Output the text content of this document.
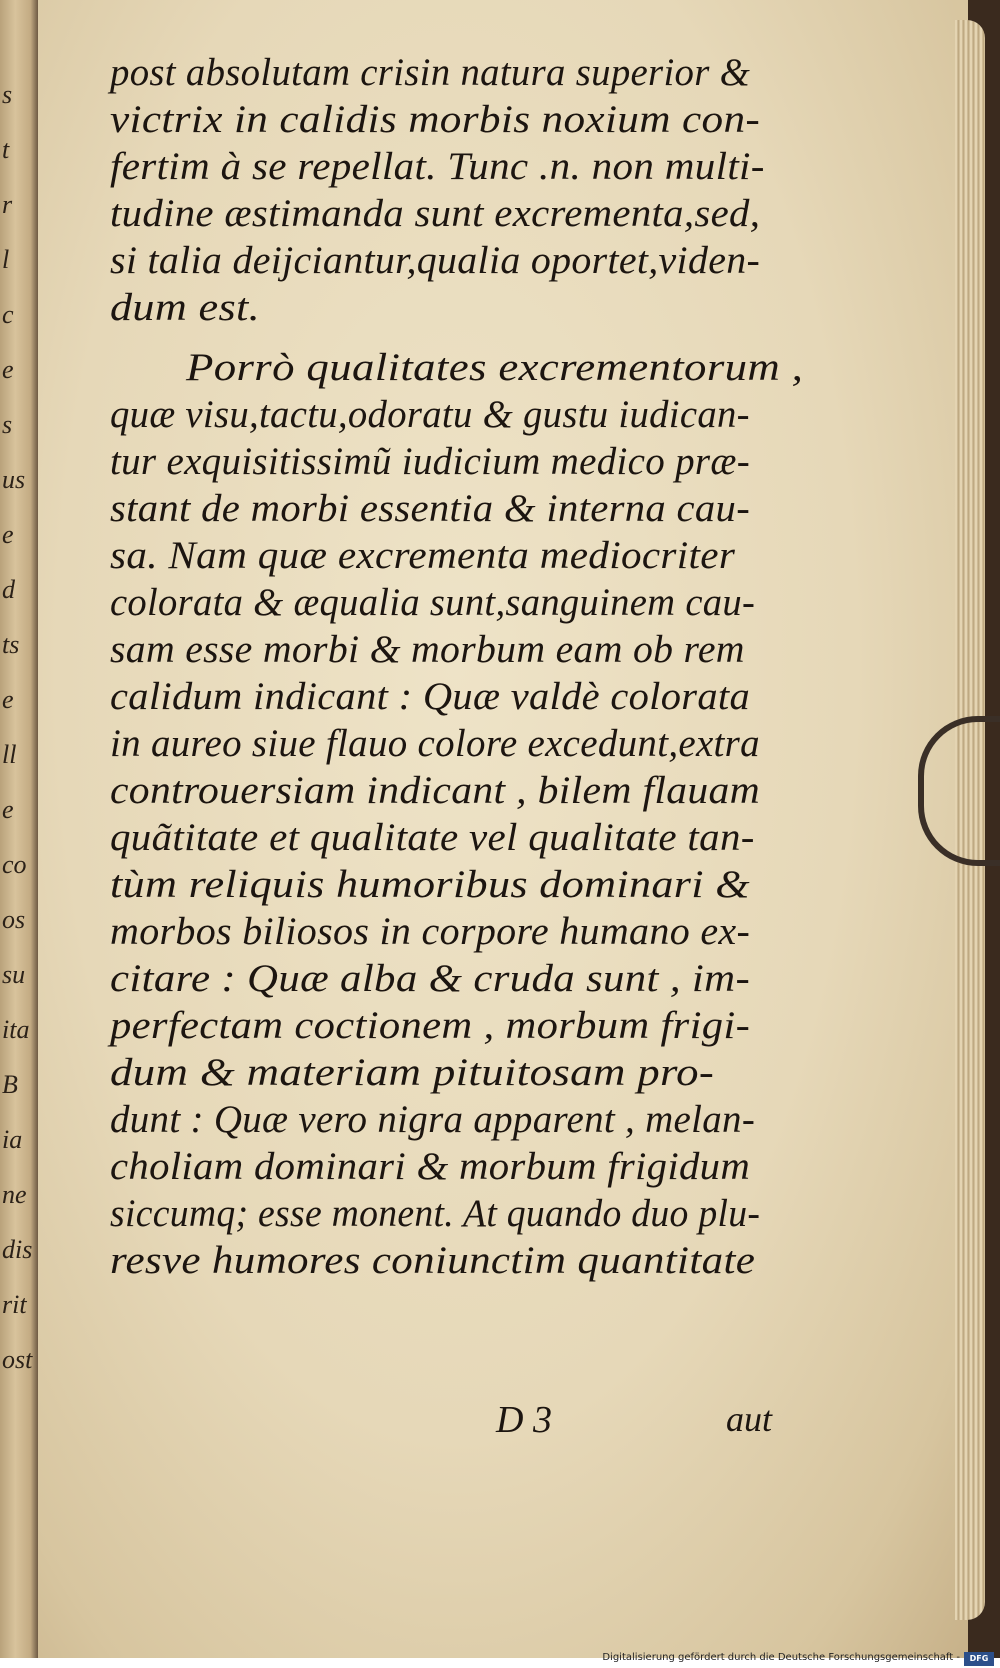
s
t
r
l
c
e
s
us
e
d
ts
e
ll
e
co
os
su
ita
B
ia
ne
dis
rit
ost
post absolutam crisin natura superior &
victrix in calidis morbis noxium con-
fertim à se repellat. Tunc .n. non multi-
tudine æstimanda sunt excrementa,sed,
si talia deijciantur,qualia oportet,viden-
dum est.
Porrò qualitates excrementorum ,
quæ visu,tactu,odoratu & gustu iudican-
tur exquisitissimũ iudicium medico præ-
stant de morbi essentia & interna cau-
sa. Nam quæ excrementa mediocriter
colorata & æqualia sunt,sanguinem cau-
sam esse morbi & morbum eam ob rem
calidum indicant : Quæ valdè colorata
in aureo siue flauo colore excedunt,extra
controuersiam indicant , bilem flauam
quãtitate et qualitate vel qualitate tan-
tùm reliquis humoribus dominari &
morbos biliosos in corpore humano ex-
citare : Quæ alba & cruda sunt , im-
perfectam coctionem , morbum frigi-
dum & materiam pituitosam pro-
dunt : Quæ vero nigra apparent , melan-
choliam dominari & morbum frigidum
siccumq; esse monent. At quando duo plu-
resve humores coniunctim quantitate
D 3	aut
Digitalisierung gefördert durch die Deutsche Forschungsgemeinschaft -	DFG
